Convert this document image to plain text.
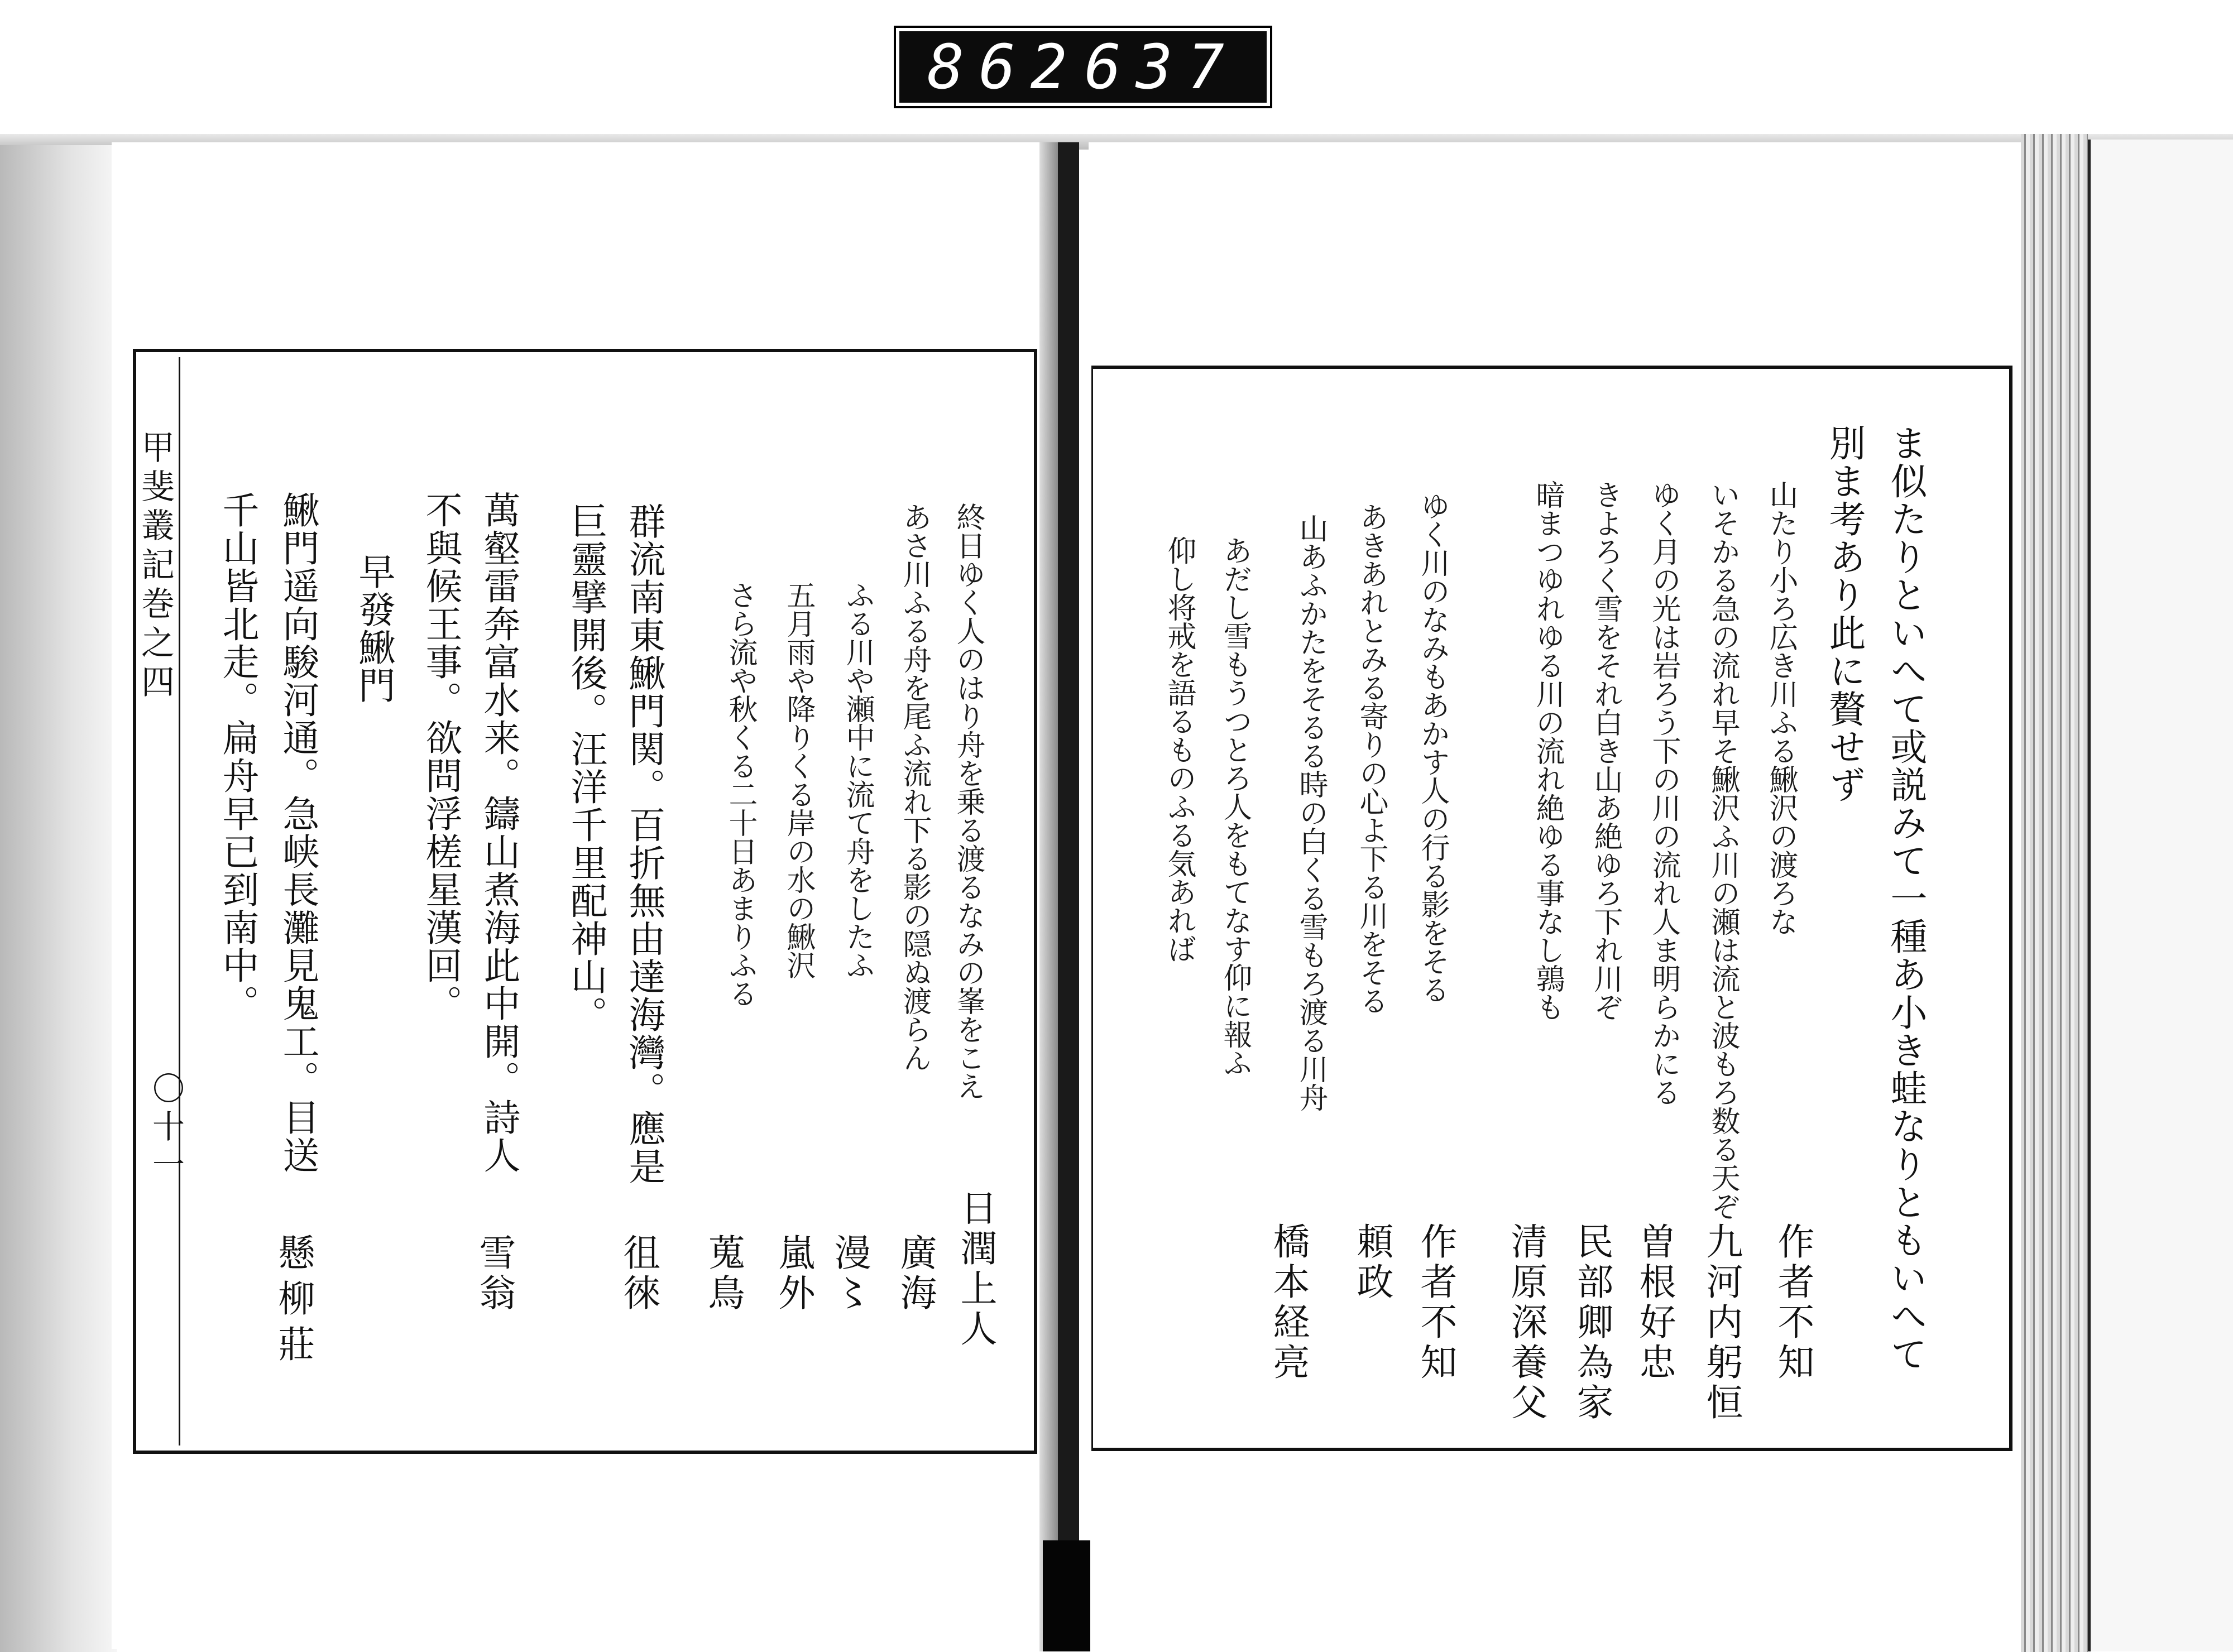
862 637
甲斐叢記巻之四
〇十一
終日ゆく人のはり舟を乗る渡るなみの峯をこえ
日潤上人
あさ川ふる舟を尾ふ流れ下る影の隠ぬ渡らん
廣海
ふる川や瀬中に流て舟をしたふ
漫〻
五月雨や降りくる岸の水の鰍沢
嵐外
さら流や秋くる二十日あまりふる
蒐鳥
群流南東鰍門関。百折無由達海灣。應是
巨靈擘開後。汪洋千里配神山。
徂徠
萬壑雷奔富水来。鑄山煮海此中開。詩人
不與候王事。欲問浮槎星漢回。
雪翁
早發鰍門
鰍門遥向駿河通。急峡長灘見鬼工。目送
千山皆北走。扁舟早已到南中。
懸柳莊	ま似たりといへて或説みて一種あ小き蛙なりともいへて
別ま考あり此に贅せず
山たり小ろ広き川ふる鰍沢の渡ろな
作者不知
いそかる急の流れ早そ鰍沢ふ川の瀬は流と波もろ数る天ぞ
九河内躬恒
ゆく月の光は岩ろう下の川の流れ人ま明らかにる
曽根好忠
きよろく雪をそれ白き山あ絶ゆろ下れ川ぞ
民部卿為家
暗まつゆれゆる川の流れ絶ゆる事なし鶉も
清原深養父
ゆく川のなみもあかす人の行る影をそる
作者不知
あきあれとみる寄りの心よ下る川をそる
頼政
山あふかたをそるる時の白くる雪もろ渡る川舟
橋本経亮
あだし雪もうつとろ人をもてなす仰に報ふ
仰し将戒を語るものふる気あれば
